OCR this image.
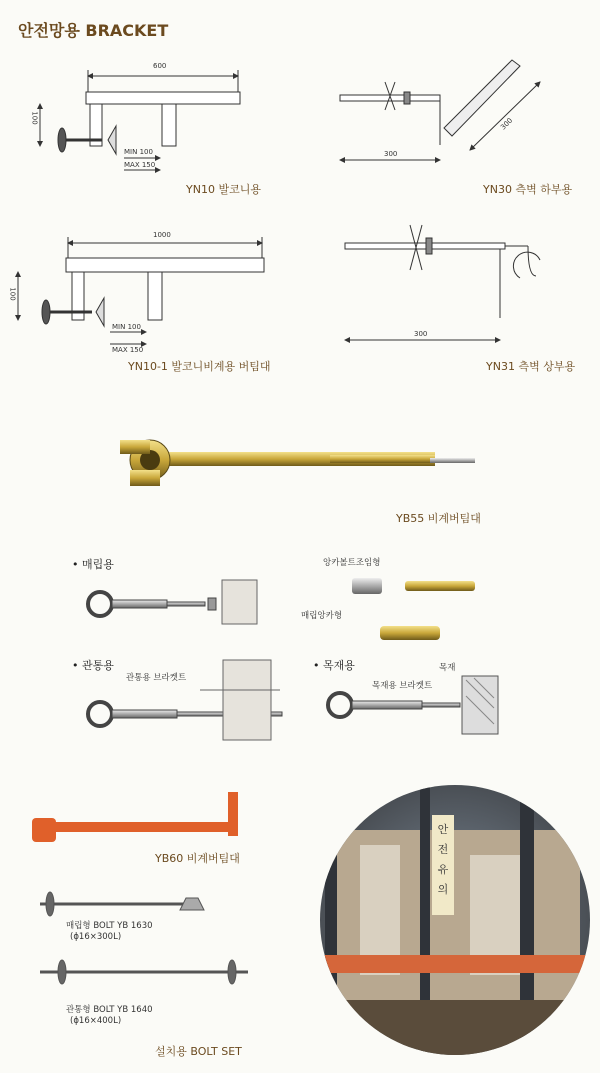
안전망용 BRACKET
600
100
MIN 100
MAX 150
YN10 발코니용
300
300
YN30 측벽 하부용
1000
100
MIN 100
MAX 150
YN10-1 발코니비계용 버팀대
300
YN31 측벽 상부용
YB55 비계버팀대
• 매립용	앙카볼트조임형
매립앙카형
• 관통용
관통용 브라켓트
• 목재용	목재
목재용 브라켓트
YB60 비계버팀대
매립형 BOLT YB 1630
(ϕ16×300L)
관통형 BOLT YB 1640
(ϕ16×400L)
설치용 BOLT SET
안
전
유
의
